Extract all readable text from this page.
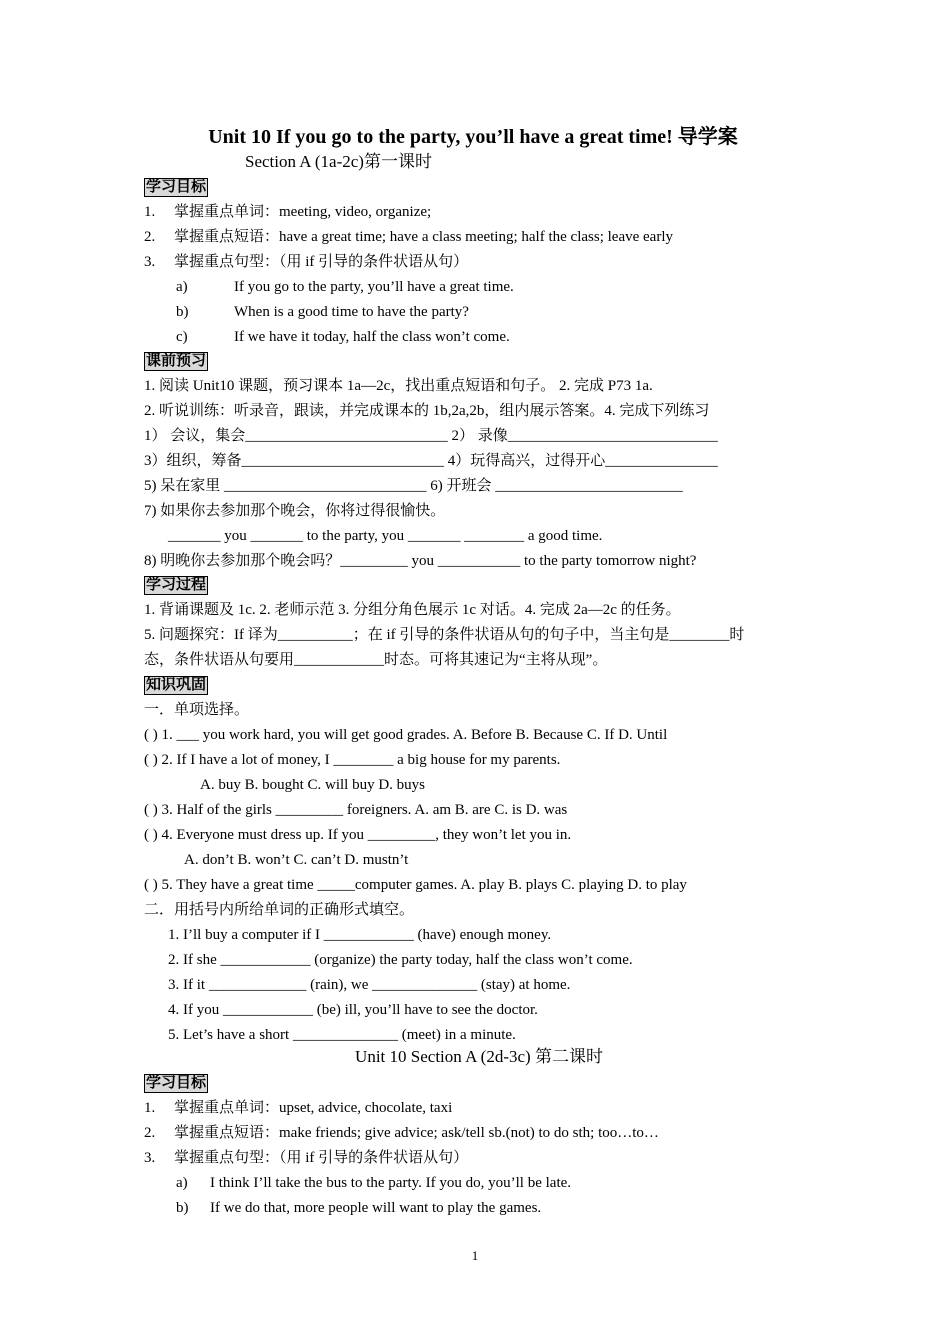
Unit 10 If you go to the party, you’ll have a great time! 导学案
Section A (1a-2c)第一课时
学习目标
1. 掌握重点单词：meeting, video, organize;
2. 掌握重点短语：have a great time; have a class meeting; half the class; leave early
3. 掌握重点句型：（用 if 引导的条件状语从句）
a)	If you go to the party, you’ll have a great time.
b)	When is a good time to have the party?
c)	If we have it today, half the class won’t come.
课前预习
1. 阅读 Unit10 课题，预习课本 1a—2c，找出重点短语和句子。 2. 完成 P73 1a.
2. 听说训练：听录音，跟读，并完成课本的 1b,2a,2b，组内展示答案。4. 完成下列练习
1） 会议，集会___________________________ 2） 录像____________________________
3）组织，筹备___________________________ 4）玩得高兴，过得开心_______________
5) 呆在家里 ___________________________ 6) 开班会 _________________________
7) 如果你去参加那个晚会，你将过得很愉快。
_______ you _______ to the party, you _______ ________ a good time.
8) 明晚你去参加那个晚会吗？_________ you ___________ to the party tomorrow night?
学习过程
1. 背诵课题及 1c. 2. 老师示范 3. 分组分角色展示 1c 对话。4. 完成 2a—2c 的任务。
5. 问题探究：If 译为__________；在 if 引导的条件状语从句的句子中，当主句是________时
态，条件状语从句要用____________时态。可将其速记为“主将从现”。
知识巩固
一．单项选择。
( ) 1. ___ you work hard, you will get good grades. A. Before B. Because C. If D. Until
( ) 2. If I have a lot of money, I ________ a big house for my parents.
A. buy B. bought C. will buy D. buys
( ) 3. Half of the girls _________ foreigners. A. am B. are C. is D. was
( ) 4. Everyone must dress up. If you _________, they won’t let you in.
A. don’t B. won’t C. can’t D. mustn’t
( ) 5. They have a great time _____computer games. A. play B. plays C. playing D. to play
二．用括号内所给单词的正确形式填空。
1. I’ll buy a computer if I ____________ (have) enough money.
2. If she ____________ (organize) the party today, half the class won’t come.
3. If it _____________ (rain), we ______________ (stay) at home.
4. If you ____________ (be) ill, you’ll have to see the doctor.
5. Let’s have a short ______________ (meet) in a minute.
Unit 10 Section A (2d-3c) 第二课时
学习目标
1. 掌握重点单词：upset, advice, chocolate, taxi
2. 掌握重点短语：make friends; give advice; ask/tell sb.(not) to do sth; too…to…
3. 掌握重点句型：（用 if 引导的条件状语从句）
a) I think I’ll take the bus to the party. If you do, you’ll be late.
b) If we do that, more people will want to play the games.
1
